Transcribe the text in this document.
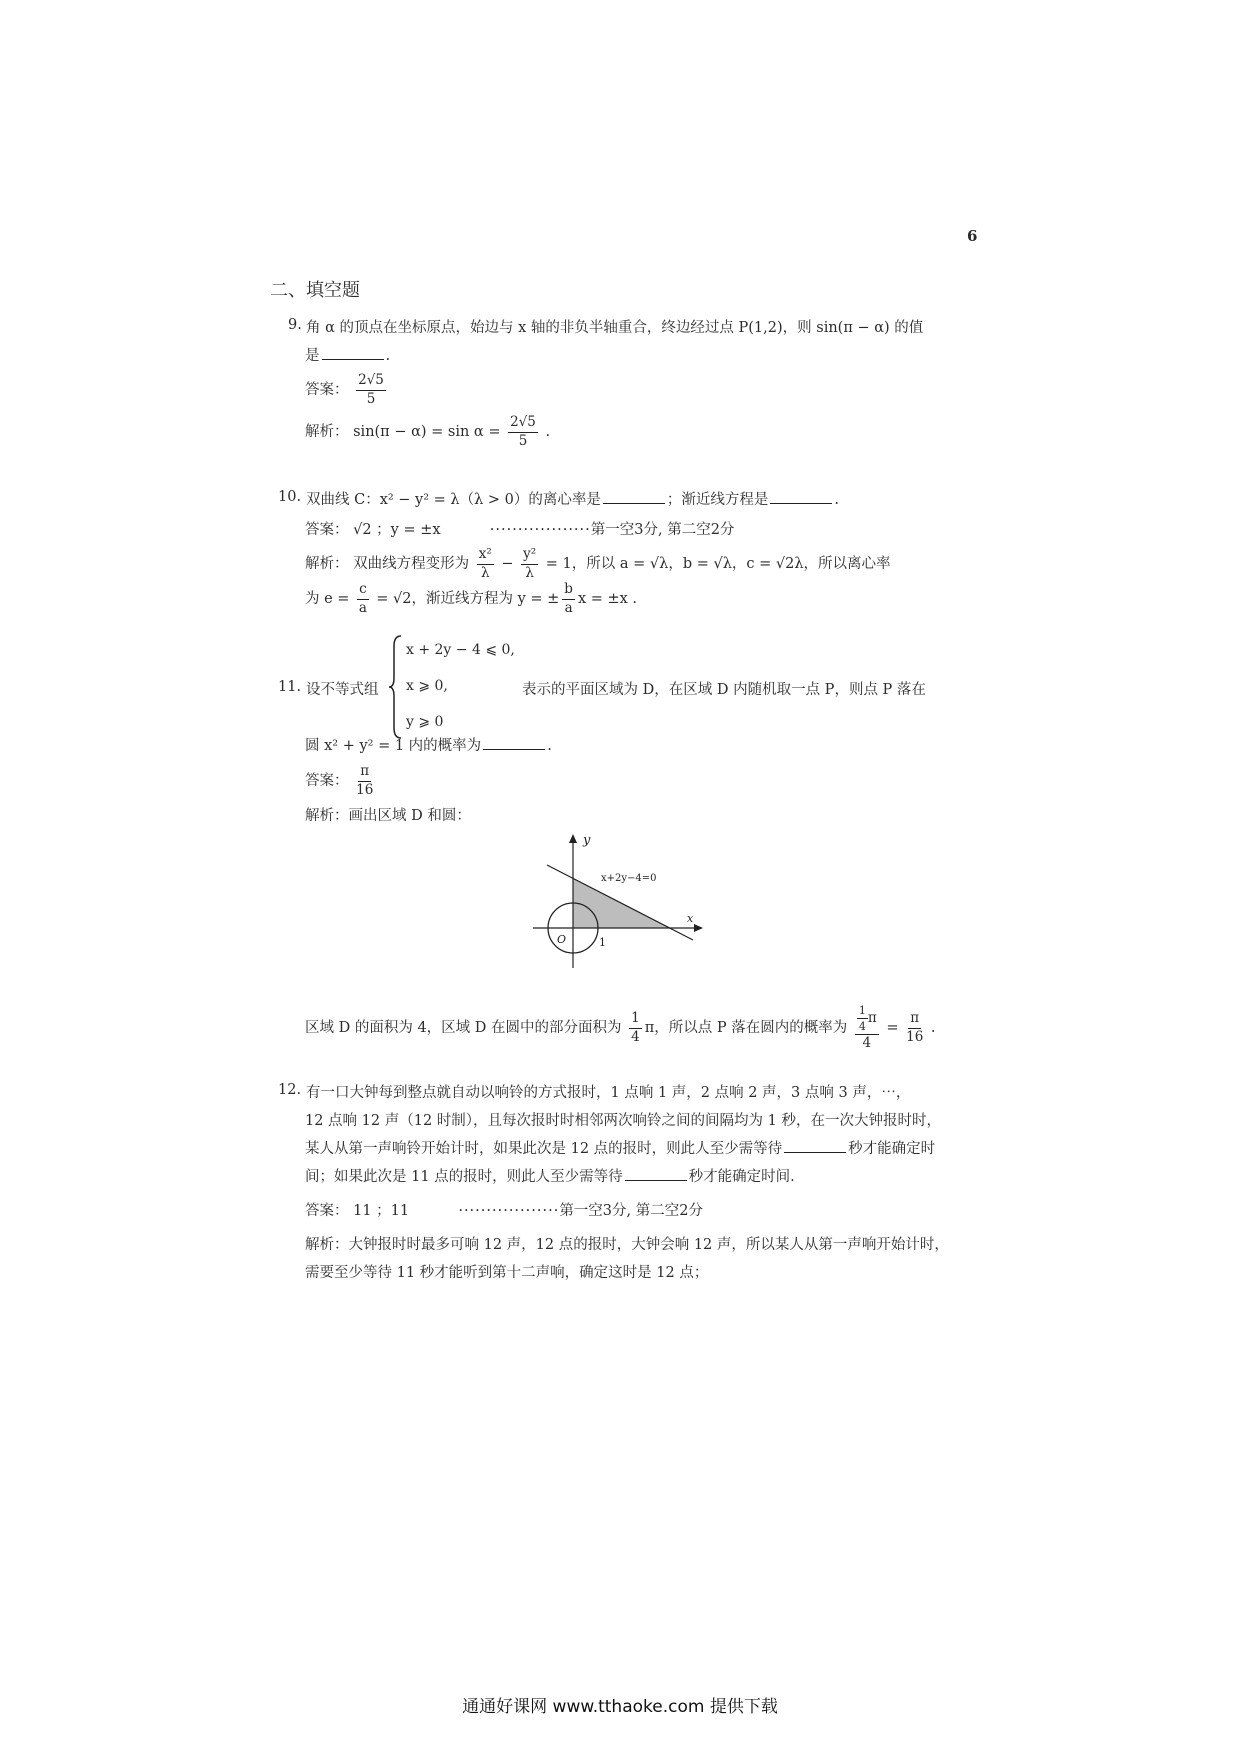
6
二、填空题
9. 角 α 的顶点在坐标原点，始边与 x 轴的非负半轴重合，终边经过点 P(1,2)，则 sin(π − α) 的值
是	.
答案： $\frac{2√5}{5}$
解析： $\sin(\pi - \alpha) = \sin \alpha = \frac{2√5}{5}$ .
10. 双曲线 C：x² − y² = λ（λ > 0）的离心率是	；渐近线方程是	.
答案： √2 ；y = ±x	··················第一空3分, 第二空2分
解析： 双曲线方程变形为 $\frac{\text{x²}}{\lambda} - \frac{\text{y²}}{\lambda} = 1$，所以 a = √λ，b = √λ，c = √2λ，所以离心率
为 $e = \frac{c}{a} = √2$，渐近线方程为 y = ± $\frac{b}{a}$ x = ±x .
11. 设不等式组
x + 2y − 4 ⩽ 0,
x ⩾ 0,
y ⩾ 0
表示的平面区域为 D，在区域 D 内随机取一点 P，则点 P 落在
圆 x² + y² = 1 内的概率为	.
答案： $\frac{\pi}{16}$
解析：画出区域 D 和圆：
y
x
x+2y−4=0
O	1
区域 D 的面积为 4，区域 D 在圆中的部分面积为 $\frac{1}{4}$ π，所以点 P 落在圆内的概率为 $\frac{\frac{1}{4} \pi}{4} = \frac{\pi}{16}$ .
12. 有一口大钟每到整点就自动以响铃的方式报时，1 点响 1 声，2 点响 2 声，3 点响 3 声，⋯，
12 点响 12 声（12 时制），且每次报时时相邻两次响铃之间的间隔均为 1 秒，在一次大钟报时时，
某人从第一声响铃开始计时，如果此次是 12 点的报时，则此人至少需等待	秒才能确定时
间；如果此次是 11 点的报时，则此人至少需等待	秒才能确定时间.
答案： 11 ；11	··················第一空3分, 第二空2分
解析：大钟报时时最多可响 12 声，12 点的报时，大钟会响 12 声，所以某人从第一声响开始计时，
需要至少等待 11 秒才能听到第十二声响，确定这时是 12 点；
通通好课网 www.tthaoke.com 提供下载
